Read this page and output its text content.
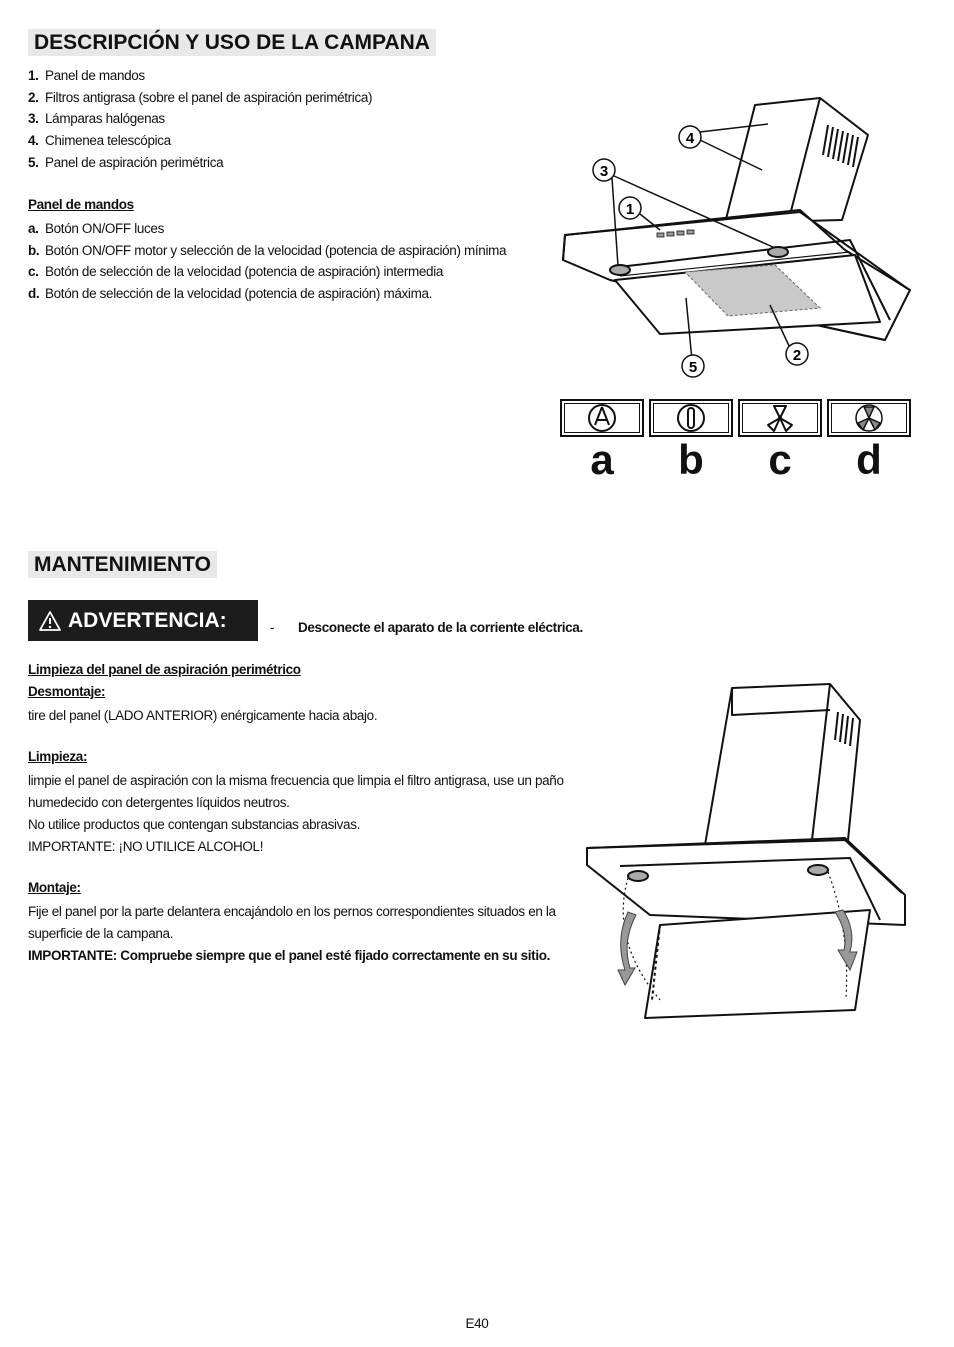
DESCRIPCIÓN Y USO DE LA CAMPANA
1. Panel de mandos
2. Filtros antigrasa (sobre el panel de aspiración perimétrica)
3. Lámparas halógenas
4. Chimenea telescópica
5. Panel de aspiración perimétrica
Panel de mandos
a. Botón ON/OFF luces
b. Botón ON/OFF motor y selección de la velocidad (potencia de aspiración) mínima
c. Botón de selección de la velocidad (potencia de aspiración) intermedia
d. Botón de selección de la velocidad (potencia de aspiración) máxima.
4
3
1
2
5
a	b	c	d
MANTENIMIENTO
ADVERTENCIA:	- Desconecte el aparato de la corriente eléctrica.
Limpieza del panel de aspiración perimétrico
Desmontaje:

tire del panel (LADO ANTERIOR) enérgicamente hacia abajo.

Limpieza:

limpie el panel de aspiración con la misma frecuencia que limpia el filtro antigrasa, use un paño

humedecido con detergentes líquidos neutros.

No utilice productos que contengan substancias abrasivas.

IMPORTANTE: ¡NO UTILICE ALCOHOL!

Montaje:

Fije el panel por la parte delantera encajándolo en los pernos correspondientes situados en la

superficie de la campana.

IMPORTANTE: Compruebe siempre que el panel esté fijado correctamente en su sitio.

E40
